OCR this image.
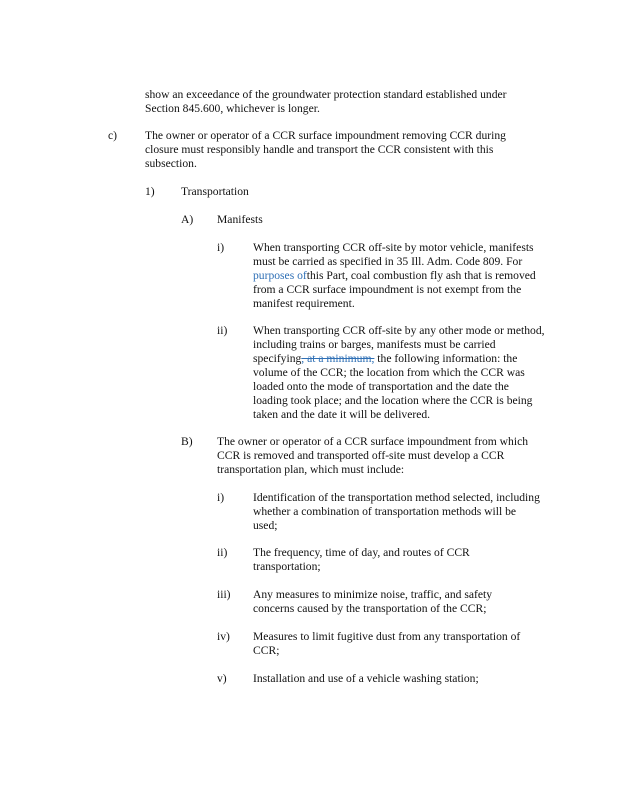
show an exceedance of the groundwater protection standard established under Section 845.600, whichever is longer.

c) The owner or operator of a CCR surface impoundment removing CCR during closure must responsibly handle and transport the CCR consistent with this subsection.

1) Transportation

A) Manifests

i) When transporting CCR off-site by motor vehicle, manifests must be carried as specified in 35 Ill. Adm. Code 809. For purposes ofthis Part, coal combustion fly ash that is removed from a CCR surface impoundment is not exempt from the manifest requirement.

ii) When transporting CCR off-site by any other mode or method, including trains or barges, manifests must be carried specifying, at a minimum, the following information: the volume of the CCR; the location from which the CCR was loaded onto the mode of transportation and the date the loading took place; and the location where the CCR is being taken and the date it will be delivered.

B) The owner or operator of a CCR surface impoundment from which CCR is removed and transported off-site must develop a CCR transportation plan, which must include:

i) Identification of the transportation method selected, including whether a combination of transportation methods will be used;

ii) The frequency, time of day, and routes of CCR transportation;

iii) Any measures to minimize noise, traffic, and safety concerns caused by the transportation of the CCR;

iv) Measures to limit fugitive dust from any transportation of CCR;

v) Installation and use of a vehicle washing station;
